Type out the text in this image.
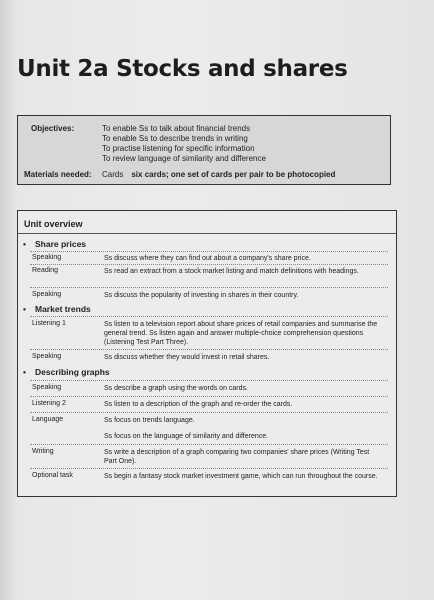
Unit 2a Stocks and shares
Objectives:	To enable Ss to talk about financial trends
To enable Ss to describe trends in writing
To practise listening for specific information
To review language of similarity and difference
Materials needed: Cards six cards; one set of cards per pair to be photocopied
Unit overview
• Share prices
Speaking	Ss discuss where they can find out about a company's share price.
Reading	Ss read an extract from a stock market listing and match definitions with headings.
Speaking	Ss discuss the popularity of investing in shares in their country.
• Market trends
Listening 1	Ss listen to a television report about share prices of retail companies and summarise the general trend. Ss listen again and answer multiple-choice comprehension questions (Listening Test Part Three).
Speaking	Ss discuss whether they would invest in retail shares.
• Describing graphs
Speaking	Ss describe a graph using the words on cards.
Listening 2	Ss listen to a description of the graph and re-order the cards.
Language	Ss focus on trends language.
Ss focus on the language of similarity and difference.
Writing	Ss write a description of a graph comparing two companies' share prices (Writing Test Part One).
Optional task	Ss begin a fantasy stock market investment game, which can run throughout the course.
